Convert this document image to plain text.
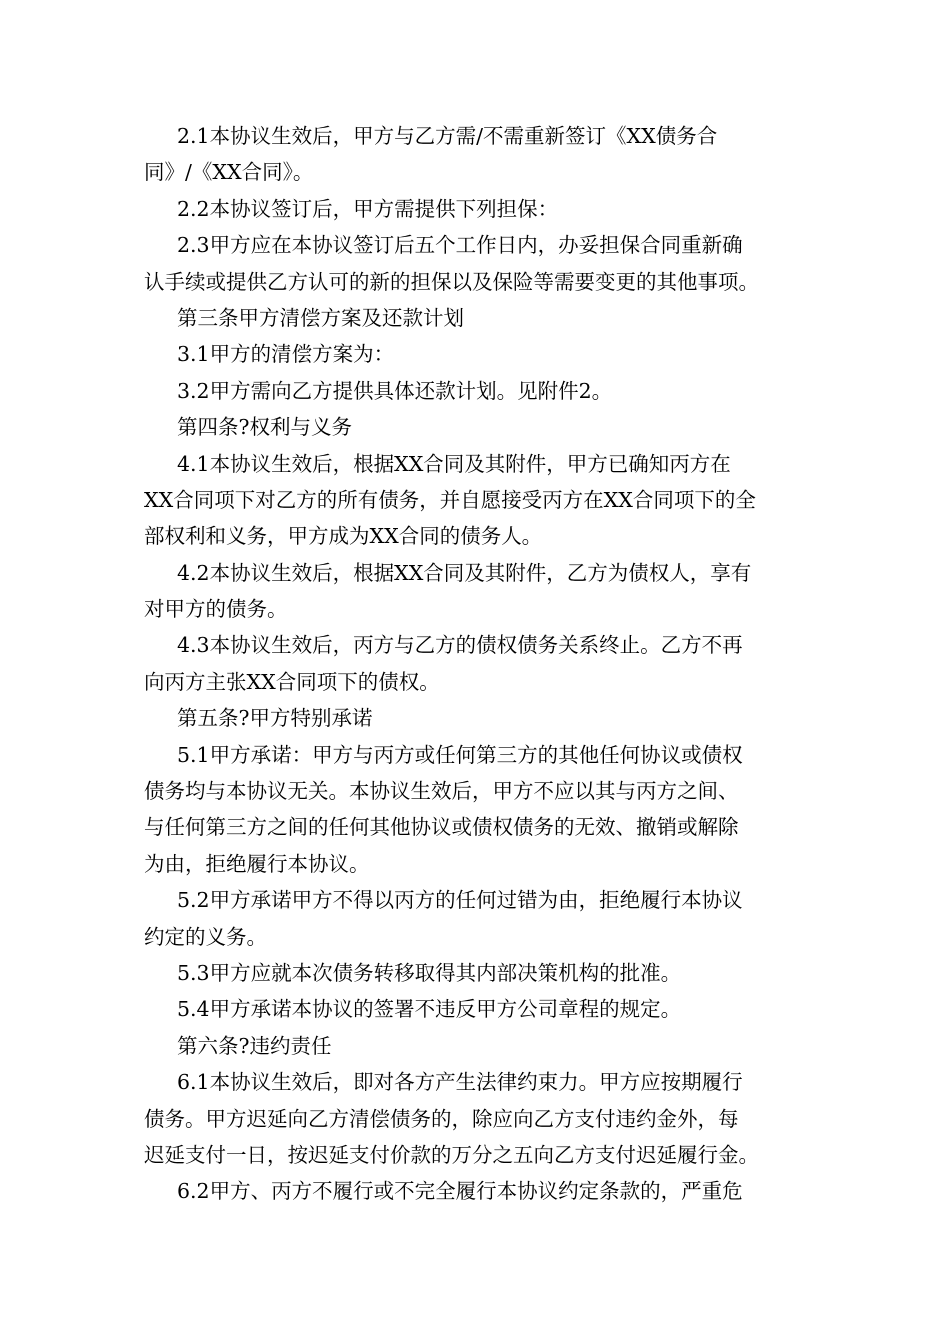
2.1本协议生效后，甲方与乙方需/不需重新签订《XX债务合
同》/《XX合同》。
2.2本协议签订后，甲方需提供下列担保：
2.3甲方应在本协议签订后五个工作日内，办妥担保合同重新确
认手续或提供乙方认可的新的担保以及保险等需要变更的其他事项。
第三条甲方清偿方案及还款计划
3.1甲方的清偿方案为：
3.2甲方需向乙方提供具体还款计划。见附件2。
第四条?权利与义务
4.1本协议生效后，根据XX合同及其附件，甲方已确知丙方在
XX合同项下对乙方的所有债务，并自愿接受丙方在XX合同项下的全
部权利和义务，甲方成为XX合同的债务人。
4.2本协议生效后，根据XX合同及其附件，乙方为债权人，享有
对甲方的债务。
4.3本协议生效后，丙方与乙方的债权债务关系终止。乙方不再
向丙方主张XX合同项下的债权。
第五条?甲方特别承诺
5.1甲方承诺：甲方与丙方或任何第三方的其他任何协议或债权
债务均与本协议无关。本协议生效后，甲方不应以其与丙方之间、
与任何第三方之间的任何其他协议或债权债务的无效、撤销或解除
为由，拒绝履行本协议。
5.2甲方承诺甲方不得以丙方的任何过错为由，拒绝履行本协议
约定的义务。
5.3甲方应就本次债务转移取得其内部决策机构的批准。
5.4甲方承诺本协议的签署不违反甲方公司章程的规定。
第六条?违约责任
6.1本协议生效后，即对各方产生法律约束力。甲方应按期履行
债务。甲方迟延向乙方清偿债务的，除应向乙方支付违约金外，每
迟延支付一日，按迟延支付价款的万分之五向乙方支付迟延履行金。
6.2甲方、丙方不履行或不完全履行本协议约定条款的，严重危
